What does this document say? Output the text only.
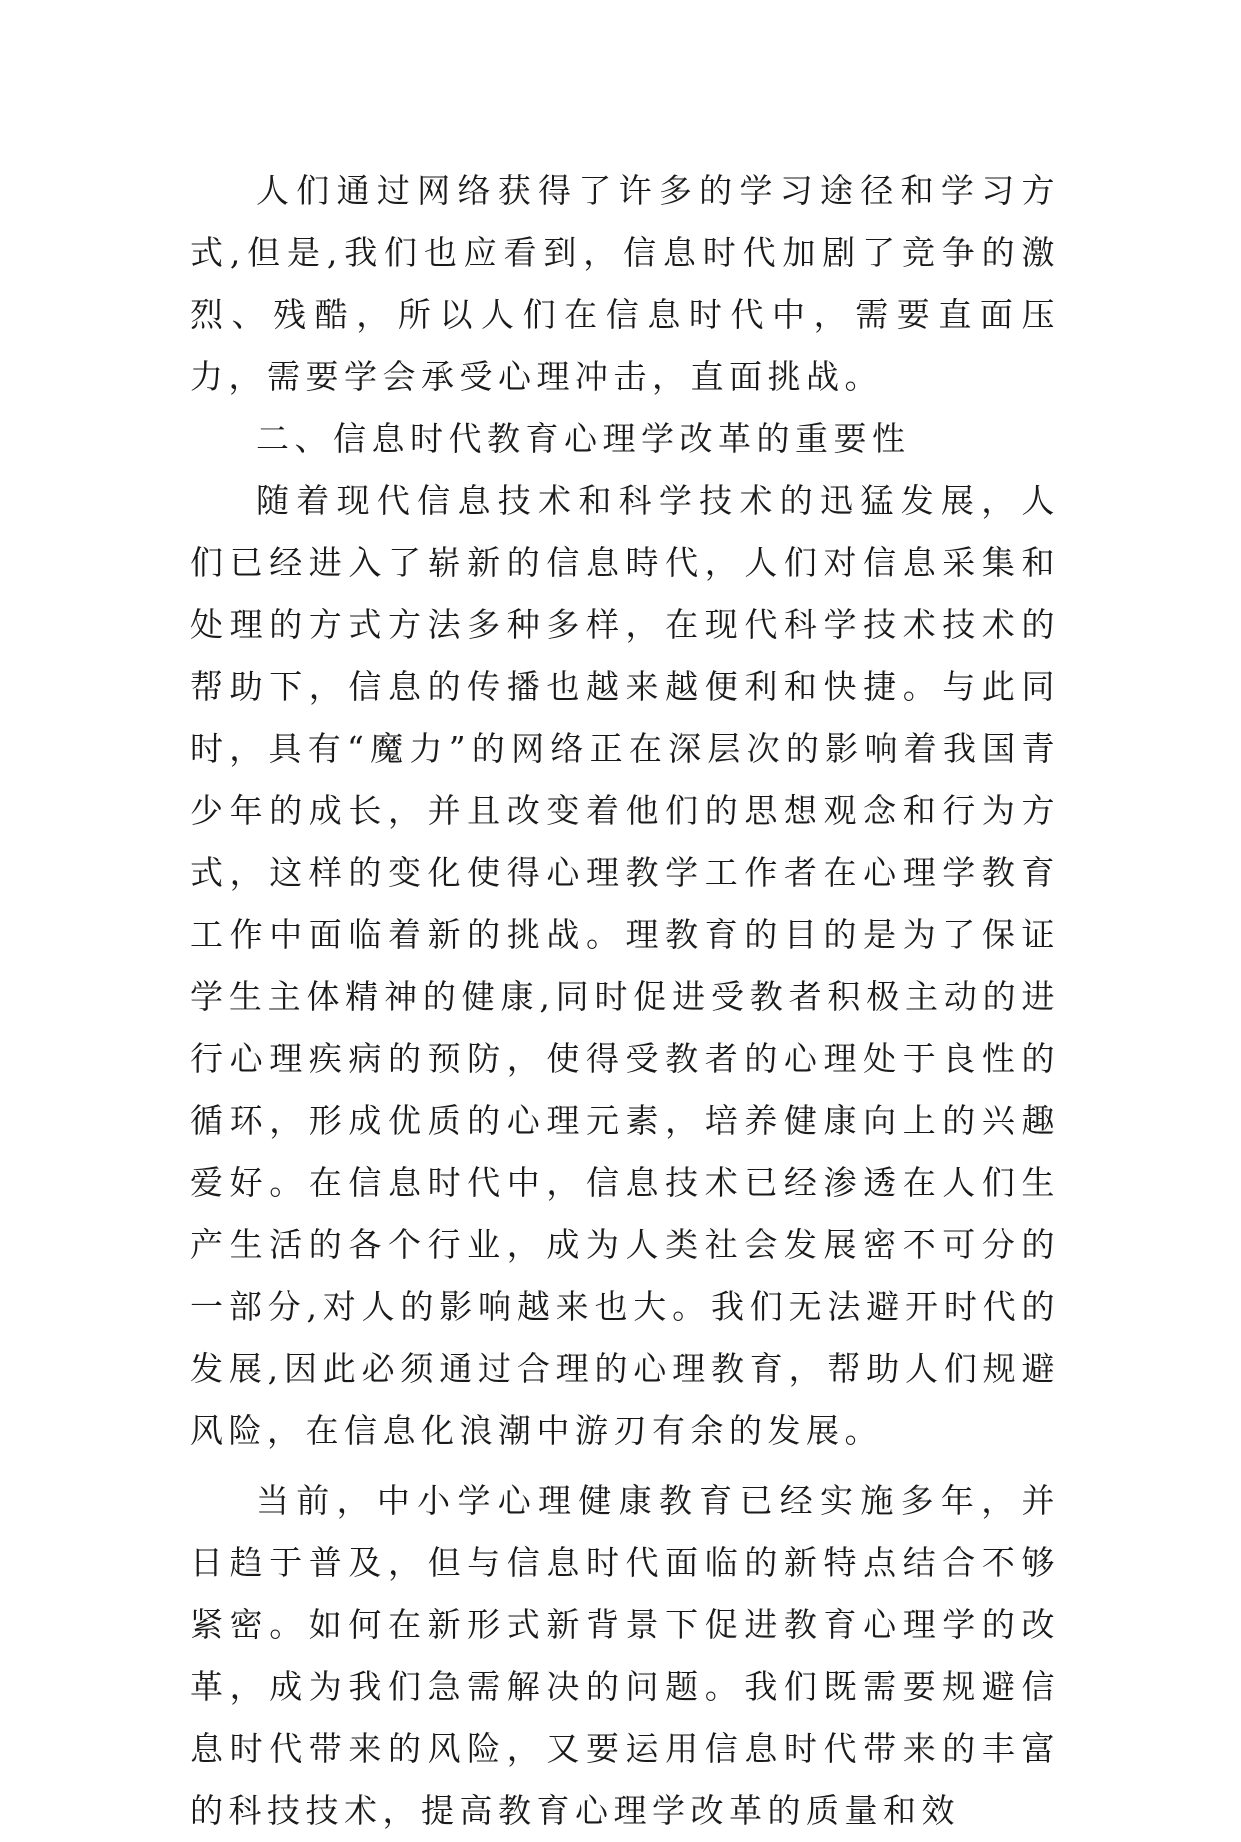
人们通过网络获得了许多的学习途径和学习方式,但是,我们也应看到，信息时代加剧了竞争的激烈、残酷，所以人们在信息时代中，需要直面压力，需要学会承受心理冲击，直面挑战。

二、信息时代教育心理学改革的重要性

随着现代信息技术和科学技术的迅猛发展，人们已经进入了崭新的信息時代，人们对信息采集和处理的方式方法多种多样，在现代科学技术技术的帮助下，信息的传播也越来越便利和快捷。与此同时，具有“魔力”的网络正在深层次的影响着我国青少年的成长，并且改变着他们的思想观念和行为方式，这样的变化使得心理教学工作者在心理学教育工作中面临着新的挑战。理教育的目的是为了保证学生主体精神的健康,同时促进受教者积极主动的进行心理疾病的预防，使得受教者的心理处于良性的循环，形成优质的心理元素，培养健康向上的兴趣爱好。在信息时代中，信息技术已经渗透在人们生产生活的各个行业，成为人类社会发展密不可分的一部分,对人的影响越来也大。我们无法避开时代的发展,因此必须通过合理的心理教育，帮助人们规避风险，在信息化浪潮中游刃有余的发展。

当前，中小学心理健康教育已经实施多年，并日趋于普及，但与信息时代面临的新特点结合不够紧密。如何在新形式新背景下促进教育心理学的改革，成为我们急需解决的问题。我们既需要规避信息时代带来的风险，又要运用信息时代带来的丰富的科技技术，提高教育心理学改革的质量和效
